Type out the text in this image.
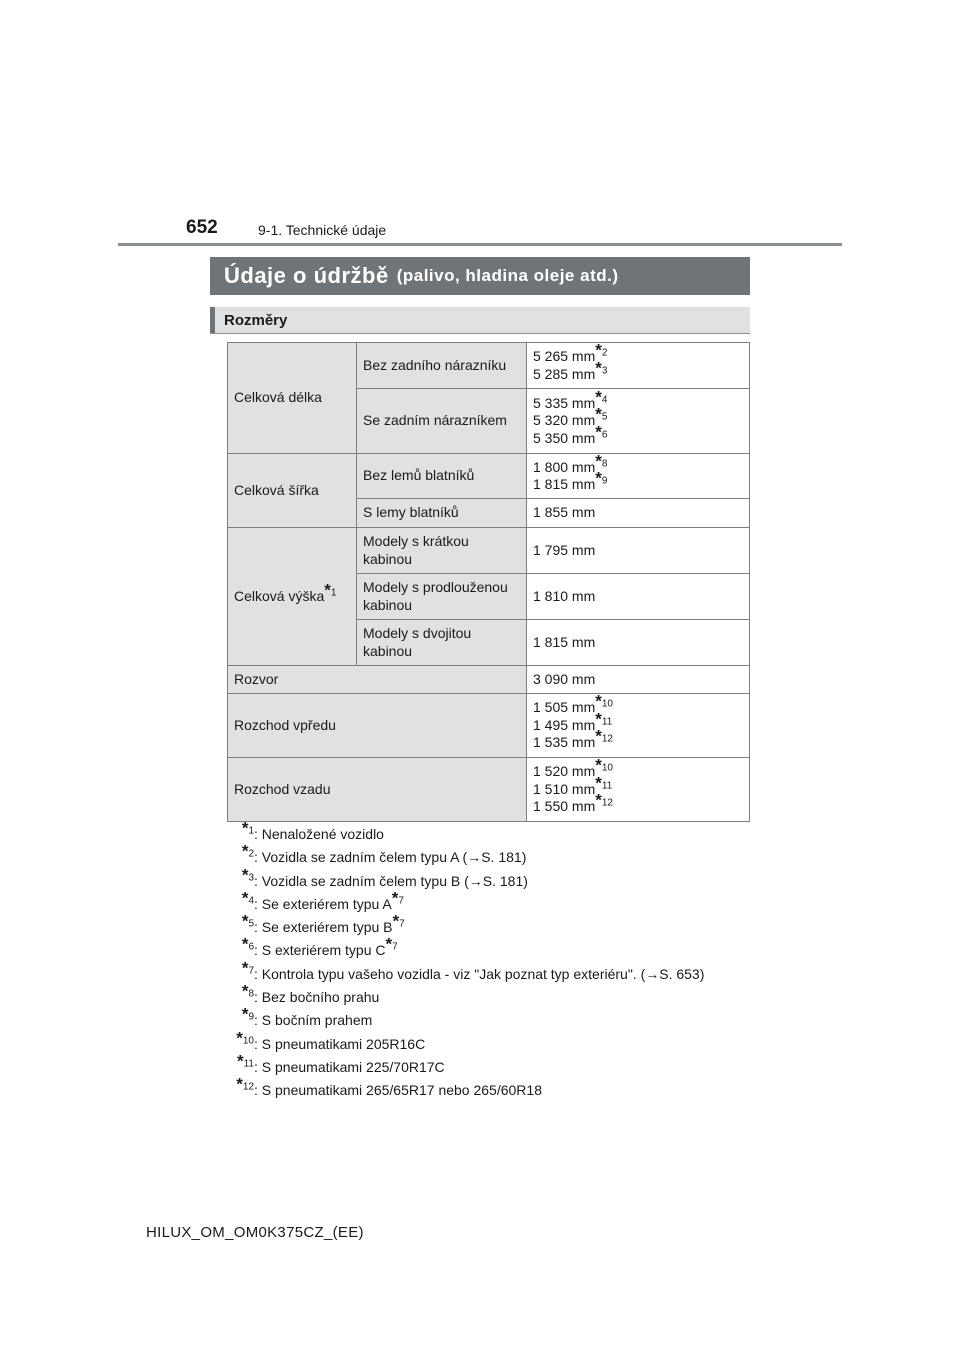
652	9-1. Technické údaje
Údaje o údržbě (palivo, hladina oleje atd.)
Rozměry
Celková délka	Bez zadního nárazníku	5 265 mm*$^2$
5 285 mm*$^3$

	Se zadním nárazníkem	5 335 mm*$^4$
5 320 mm*$^5$
5 350 mm*$^6$

Celková šířka	Bez lemů blatníků	1 800 mm*$^8$
1 815 mm*$^9$

	S lemy blatníků	1 855 mm

Celková výška*$^1$	Modely s krátkou kabinou	1 795 mm

	Modely s prodlouženou kabinou	1 810 mm

	Modely s dvojitou kabinou	1 815 mm

Rozvor		3 090 mm

Rozchod vpředu		1 505 mm*$^{10}$
1 495 mm*$^{11}$
1 535 mm*$^{12}$

Rozchod vzadu		1 520 mm*$^{10}$
1 510 mm*$^{11}$
1 550 mm*$^{12}$
*$^1$: Nenaložené vozidlo
*$^2$: Vozidla se zadním čelem typu A (→S. 181)
*$^3$: Vozidla se zadním čelem typu B (→S. 181)
*$^4$: Se exteriérem typu A*$^7$
*$^5$: Se exteriérem typu B*$^7$
*$^6$: S exteriérem typu C*$^7$
*$^7$: Kontrola typu vašeho vozidla - viz "Jak poznat typ exteriéru". (→S. 653)
*$^8$: Bez bočního prahu
*$^9$: S bočním prahem
*$^{10}$: S pneumatikami 205R16C
*$^{11}$: S pneumatikami 225/70R17C
*$^{12}$: S pneumatikami 265/65R17 nebo 265/60R18
HILUX_OM_OM0K375CZ_(EE)
